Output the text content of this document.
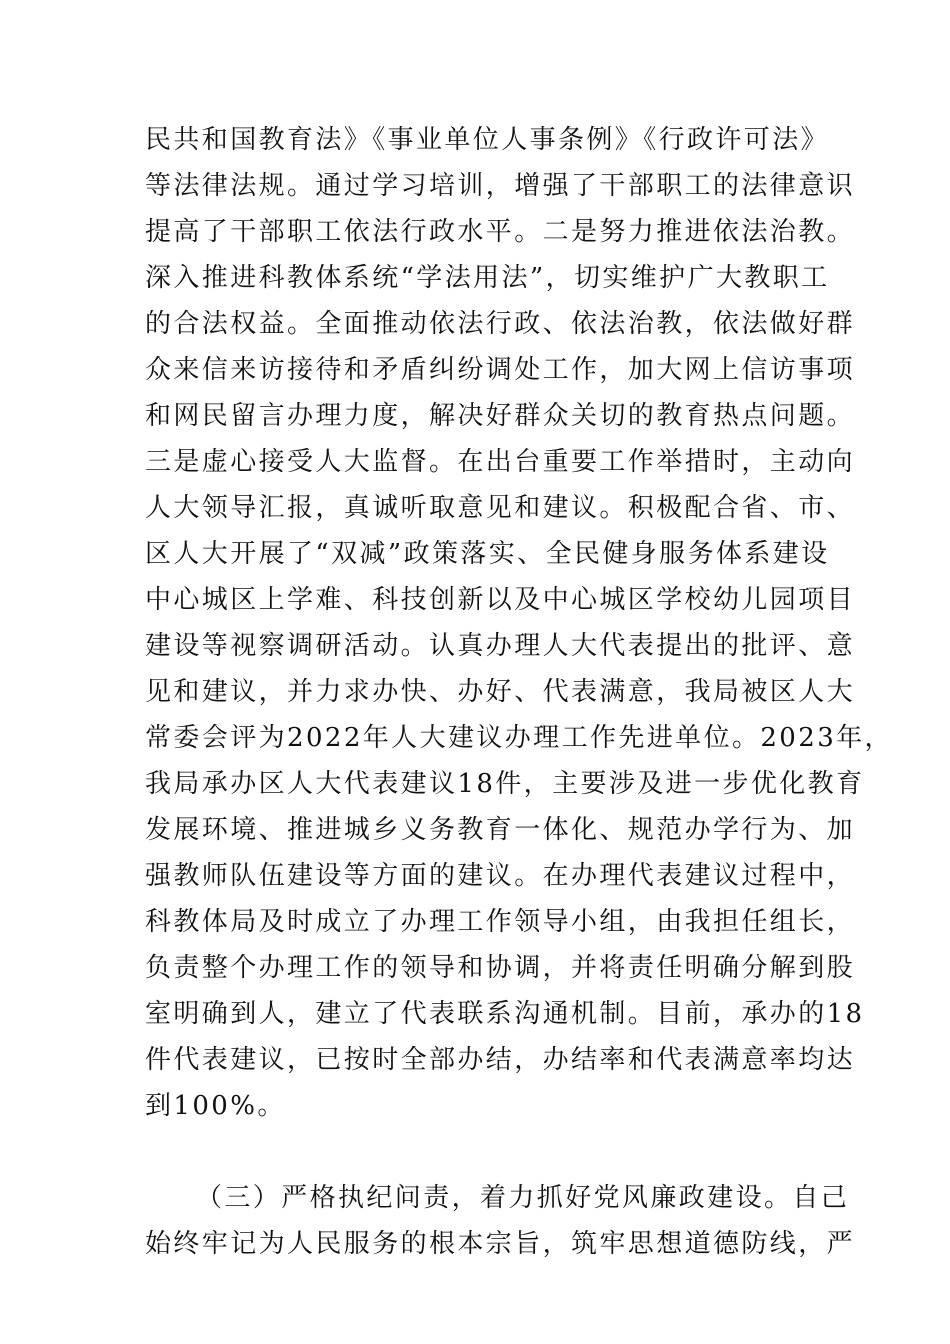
民共和国教育法》《事业单位人事条例》《行政许可法》
等法律法规。通过学习培训，增强了干部职工的法律意识
提高了干部职工依法行政水平。二是努力推进依法治教。
深入推进科教体系统“学法用法”，切实维护广大教职工
的合法权益。全面推动依法行政、依法治教，依法做好群
众来信来访接待和矛盾纠纷调处工作，加大网上信访事项
和网民留言办理力度，解决好群众关切的教育热点问题。
三是虚心接受人大监督。在出台重要工作举措时，主动向
人大领导汇报，真诚听取意见和建议。积极配合省、市、
区人大开展了“双减”政策落实、全民健身服务体系建设
中心城区上学难、科技创新以及中心城区学校幼儿园项目
建设等视察调研活动。认真办理人大代表提出的批评、意
见和建议，并力求办快、办好、代表满意，我局被区人大
常委会评为2022年人大建议办理工作先进单位。2023年，
我局承办区人大代表建议18件，主要涉及进一步优化教育
发展环境、推进城乡义务教育一体化、规范办学行为、加
强教师队伍建设等方面的建议。在办理代表建议过程中，
科教体局及时成立了办理工作领导小组，由我担任组长，
负责整个办理工作的领导和协调，并将责任明确分解到股
室明确到人，建立了代表联系沟通机制。目前，承办的18
件代表建议，已按时全部办结，办结率和代表满意率均达
到100%。
（三）严格执纪问责，着力抓好党风廉政建设。自己
始终牢记为人民服务的根本宗旨，筑牢思想道德防线，严
